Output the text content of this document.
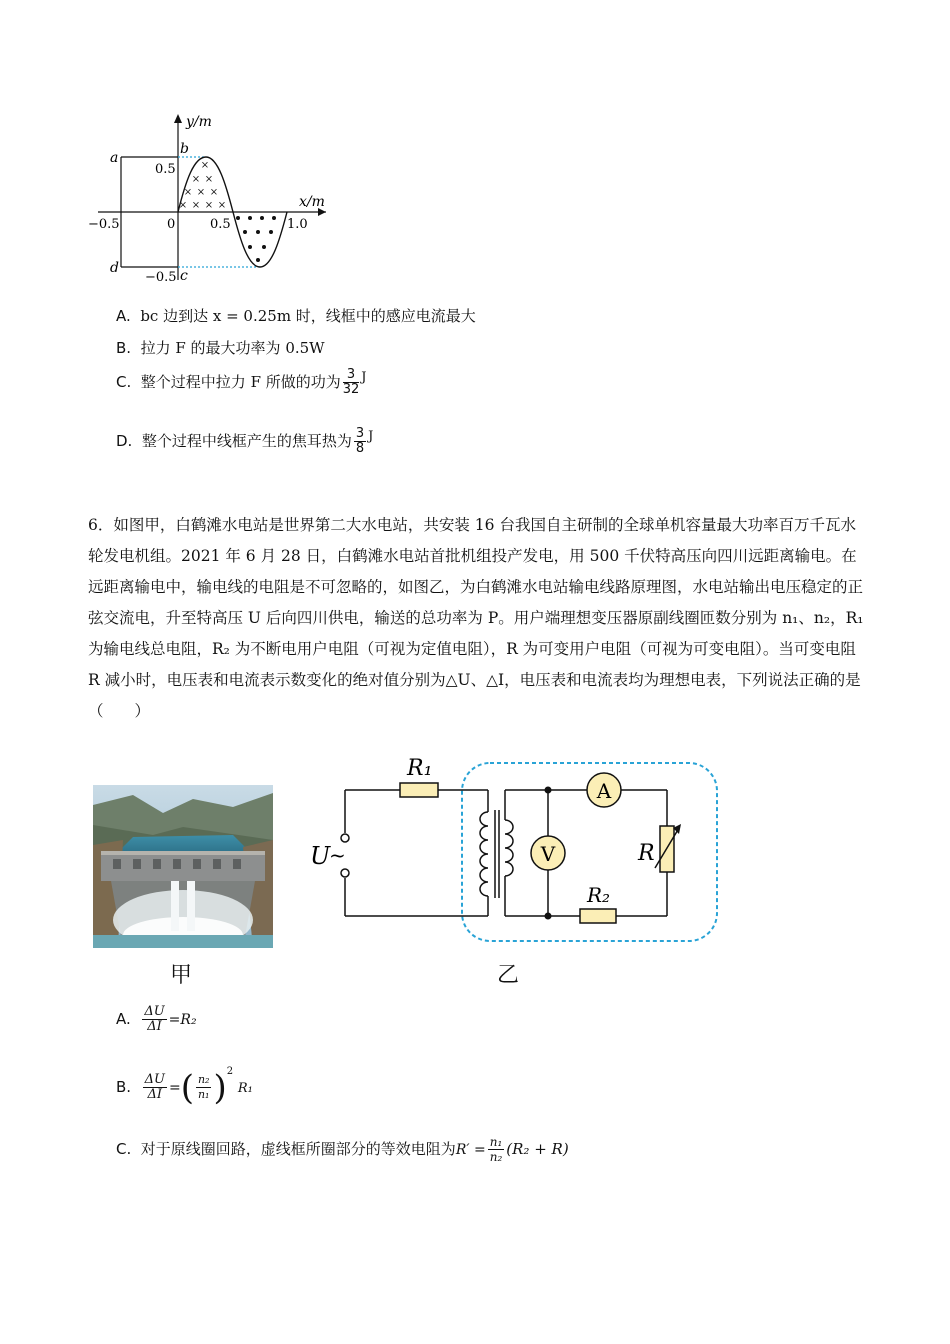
×
× ×
× × ×
× × × ×
y/m
x/m
0.5
−0.5
−0.5	0	0.5	1.0
a
b
c
d
A. bc 边到达 x = 0.25m 时，线框中的感应电流最大
B. 拉力 F 的最大功率为 0.5W
C. 整个过程中拉力 F 所做的功为 $\frac{3}{32}$ J
D. 整个过程中线框产生的焦耳热为 $\frac{3}{8}$ J
6．如图甲，白鹤滩水电站是世界第二大水电站，共安装 16 台我国自主研制的全球单机容量最大功率百万千瓦水轮发电机组。2021 年 6 月 28 日，白鹤滩水电站首批机组投产发电，用 500 千伏特高压向四川远距离输电。在远距离输电中，输电线的电阻是不可忽略的，如图乙，为白鹤滩水电站输电线路原理图，水电站输出电压稳定的正弦交流电，升至特高压 U 后向四川供电，输送的总功率为 P。用户端理想变压器原副线圈匝数分别为 n₁、n₂，R₁ 为输电线总电阻，R₂ 为不断电用户电阻（可视为定值电阻），R 为可变用户电阻（可视为可变电阻）。当可变电阻 R 减小时，电压表和电流表示数变化的绝对值分别为△U、△I，电压表和电流表均为理想电表，下列说法正确的是（　　）
甲
R₁
R₂
R
U
~
A
V
乙
A. $\frac{\Delta U}{\Delta I} =R_2$
B. $\frac{\Delta U}{\Delta I}$ =( $\frac{\text{n₂}}{\text{n₁}} )^2$ R₁
C. 对于原线圈回路，虚线框所圈部分的等效电阻为$R' = \frac{\text{n₁}}{\text{n₂}} (R_2 + R)$
